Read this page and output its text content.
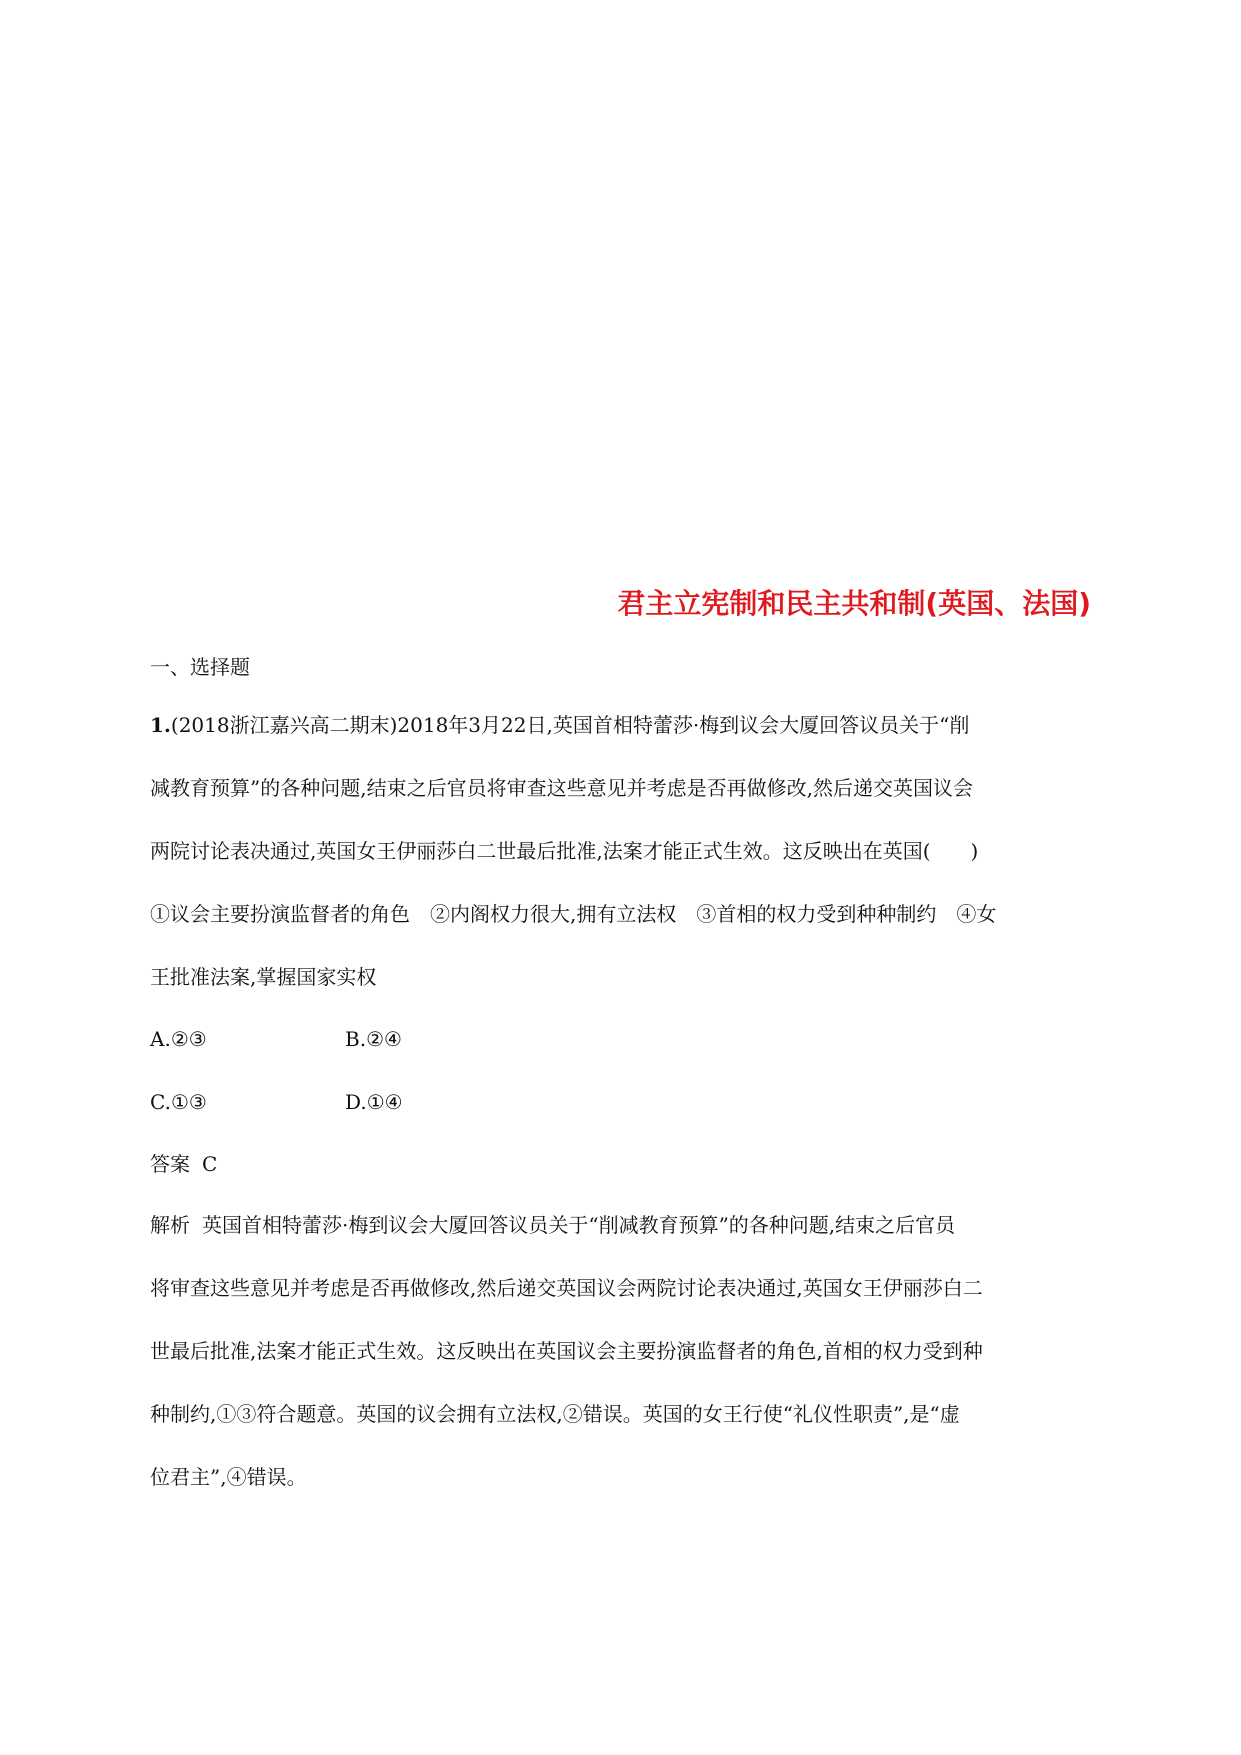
君主立宪制和民主共和制(英国、法国)
一、选择题
1.(2018浙江嘉兴高二期末)2018年3月22日,英国首相特蕾莎·梅到议会大厦回答议员关于“削
减教育预算”的各种问题,结束之后官员将审查这些意见并考虑是否再做修改,然后递交英国议会
两院讨论表决通过,英国女王伊丽莎白二世最后批准,法案才能正式生效。这反映出在英国(　　)
①议会主要扮演监督者的角色　②内阁权力很大,拥有立法权　③首相的权力受到种种制约　④女
王批准法案,掌握国家实权
A.②③	B.②④
C.①③	D.①④
答案 C
解析 英国首相特蕾莎·梅到议会大厦回答议员关于“削减教育预算”的各种问题,结束之后官员
将审查这些意见并考虑是否再做修改,然后递交英国议会两院讨论表决通过,英国女王伊丽莎白二
世最后批准,法案才能正式生效。这反映出在英国议会主要扮演监督者的角色,首相的权力受到种
种制约,①③符合题意。英国的议会拥有立法权,②错误。英国的女王行使“礼仪性职责”,是“虚
位君主”,④错误。
